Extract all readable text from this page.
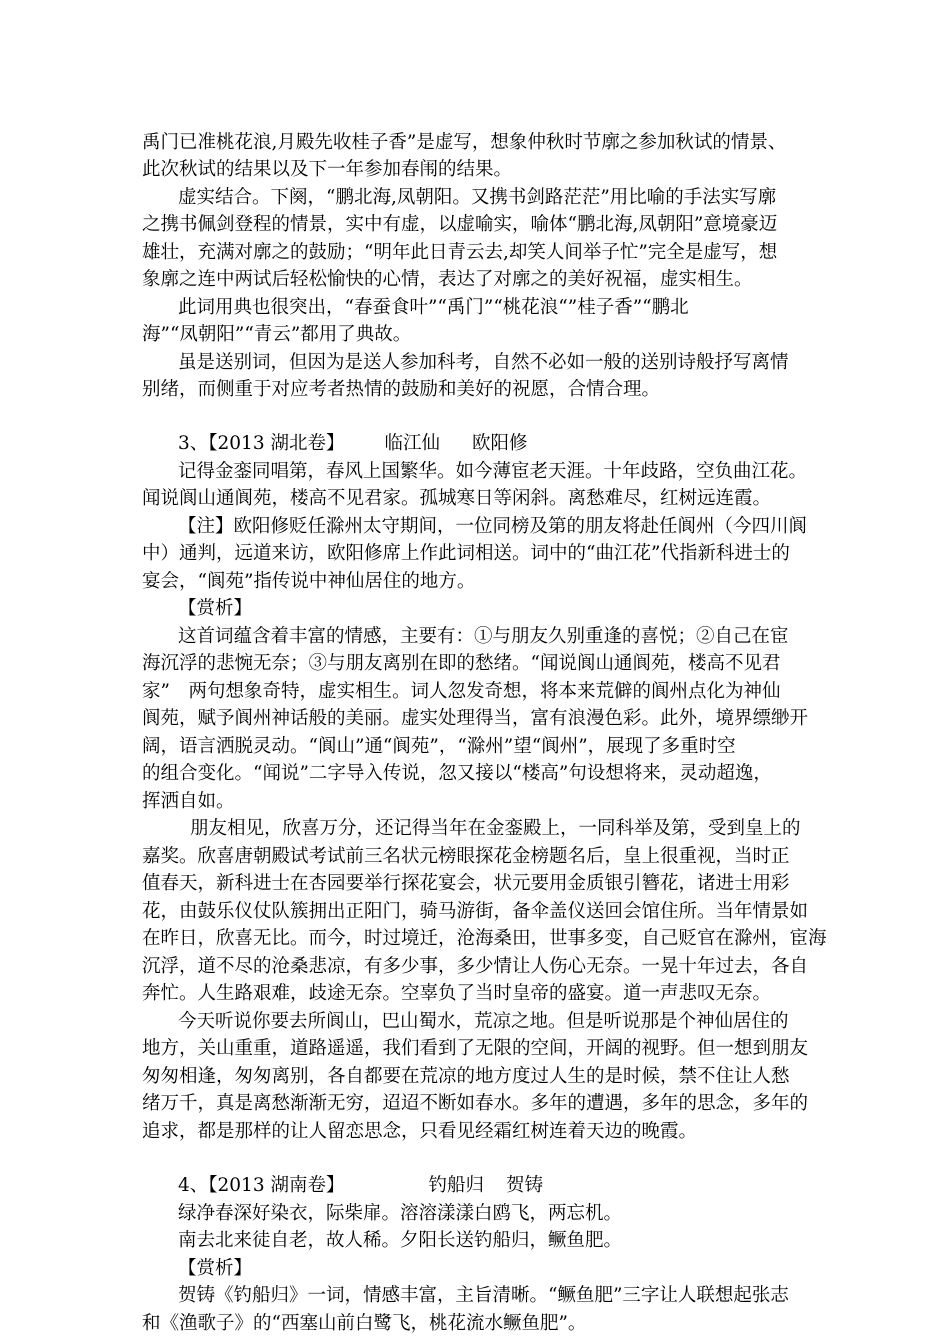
禹门已准桃花浪,月殿先收桂子香”是虚写，想象仲秋时节廓之参加秋试的情景、
此次秋试的结果以及下一年参加春闱的结果。
虚实结合。下阕，“鹏北海,凤朝阳。又携书剑路茫茫”用比喻的手法实写廓
之携书佩剑登程的情景，实中有虚，以虚喻实，喻体“鹏北海,凤朝阳”意境豪迈
雄壮，充满对廓之的鼓励；“明年此日青云去,却笑人间举子忙”完全是虚写，想
象廓之连中两试后轻松愉快的心情，表达了对廓之的美好祝福，虚实相生。
此词用典也很突出，“春蚕食叶”“禹门”“桃花浪“”桂子香”“鹏北
海”“凤朝阳”“青云”都用了典故。
虽是送别词，但因为是送人参加科考，自然不必如一般的送别诗般抒写离情
别绪，而侧重于对应考者热情的鼓励和美好的祝愿，合情合理。
3、【2013 湖北卷】 临江仙 欧阳修
记得金銮同唱第，春风上国繁华。如今薄宦老天涯。十年歧路，空负曲江花。
闻说阆山通阆苑，楼高不见君家。孤城寒日等闲斜。离愁难尽，红树远连霞。
【注】欧阳修贬任滁州太守期间，一位同榜及第的朋友将赴任阆州（今四川阆
中）通判，远道来访，欧阳修席上作此词相送。词中的“曲江花”代指新科进士的
宴会，“阆苑”指传说中神仙居住的地方。
【赏析】
这首词蕴含着丰富的情感，主要有：①与朋友久别重逢的喜悦；②自己在宦
海沉浮的悲惋无奈；③与朋友离别在即的愁绪。“闻说阆山通阆苑，楼高不见君
家”　两句想象奇特，虚实相生。词人忽发奇想，将本来荒僻的阆州点化为神仙
阆苑，赋予阆州神话般的美丽。虚实处理得当，富有浪漫色彩。此外，境界缥缈开
阔，语言洒脱灵动。“阆山”通“阆苑”，“滁州”望“阆州”，展现了多重时空
的组合变化。“闻说”二字导入传说，忽又接以“楼高”句设想将来，灵动超逸，
挥洒自如。
朋友相见，欣喜万分，还记得当年在金銮殿上，一同科举及第，受到皇上的
嘉奖。欣喜唐朝殿试考试前三名状元榜眼探花金榜题名后，皇上很重视，当时正
值春天，新科进士在杏园要举行探花宴会，状元要用金质银引簪花，诸进士用彩
花，由鼓乐仪仗队簇拥出正阳门，骑马游街，备伞盖仪送回会馆住所。当年情景如
在昨日，欣喜无比。而今，时过境迁，沧海桑田，世事多变，自己贬官在滁州，宦海
沉浮，道不尽的沧桑悲凉，有多少事，多少情让人伤心无奈。一晃十年过去，各自
奔忙。人生路艰难，歧途无奈。空辜负了当时皇帝的盛宴。道一声悲叹无奈。
今天听说你要去所阆山，巴山蜀水，荒凉之地。但是听说那是个神仙居住的
地方，关山重重，道路遥遥，我们看到了无限的空间，开阔的视野。但一想到朋友
匆匆相逢，匆匆离别，各自都要在荒凉的地方度过人生的是时候，禁不住让人愁
绪万千，真是离愁渐渐无穷，迢迢不断如春水。多年的遭遇，多年的思念，多年的
追求，都是那样的让人留恋思念，只看见经霜红树连着天边的晚霞。
4、【2013 湖南卷】	钓船归 贺铸
绿净春深好染衣，际柴扉。溶溶漾漾白鸥飞，两忘机。
南去北来徒自老，故人稀。夕阳长送钓船归，鳜鱼肥。
【赏析】
贺铸《钓船归》一词，情感丰富，主旨清晰。“鳜鱼肥”三字让人联想起张志
和《渔歌子》的“西塞山前白鹭飞，桃花流水鳜鱼肥”。
